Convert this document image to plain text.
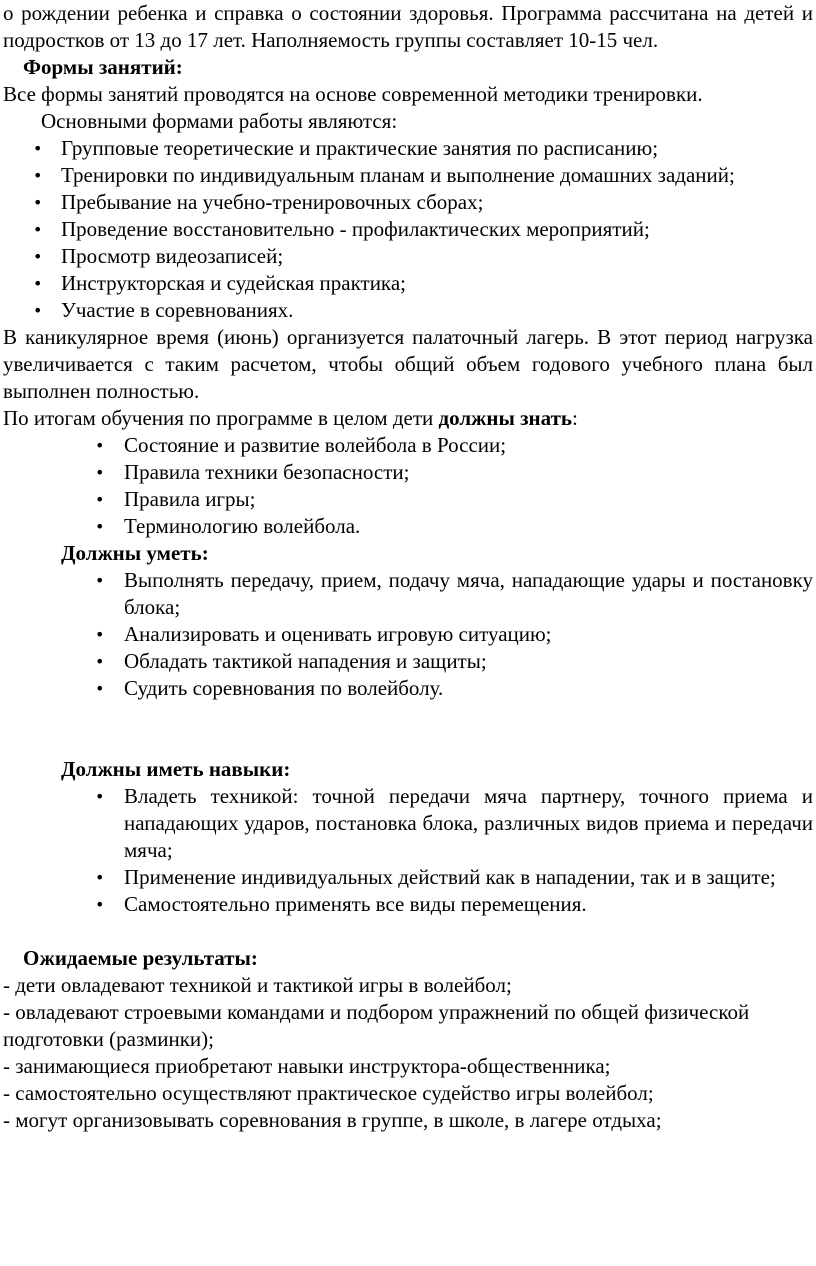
о рождении ребенка и справка о состоянии здоровья. Программа рассчитана на детей и подростков от 13 до 17 лет. Наполняемость группы составляет 10-15 чел.

Формы занятий:

Все формы занятий проводятся на основе современной методики тренировки.

Основными формами работы являются:

• Групповые теоретические и практические занятия по расписанию;
• Тренировки по индивидуальным планам и выполнение домашних заданий;
• Пребывание на учебно-тренировочных сборах;
• Проведение восстановительно - профилактических мероприятий;
• Просмотр видеозаписей;
• Инструкторская и судейская практика;
• Участие в соревнованиях.

В каникулярное время (июнь) организуется палаточный лагерь. В этот период нагрузка увеличивается с таким расчетом, чтобы общий объем годового учебного плана был выполнен полностью.

По итогам обучения по программе в целом дети должны знать:

• Состояние и развитие волейбола в России;
• Правила техники безопасности;
• Правила игры;
• Терминологию волейбола.

Должны уметь:

• Выполнять передачу, прием, подачу мяча, нападающие удары и постановку блока;
• Анализировать и оценивать игровую ситуацию;
• Обладать тактикой нападения и защиты;
• Судить соревнования по волейболу.

Должны иметь навыки:

• Владеть техникой: точной передачи мяча партнеру, точного приема и нападающих ударов, постановка блока, различных видов приема и передачи мяча;
• Применение индивидуальных действий как в нападении, так и в защите;
• Самостоятельно применять все виды перемещения.

Ожидаемые результаты:

- дети овладевают техникой и тактикой игры в волейбол;

- овладевают строевыми командами и подбором упражнений по общей физической подготовки (разминки);

- занимающиеся приобретают навыки инструктора-общественника;

- самостоятельно осуществляют практическое судейство игры волейбол;

- могут организовывать соревнования в группе, в школе, в лагере отдыха;
